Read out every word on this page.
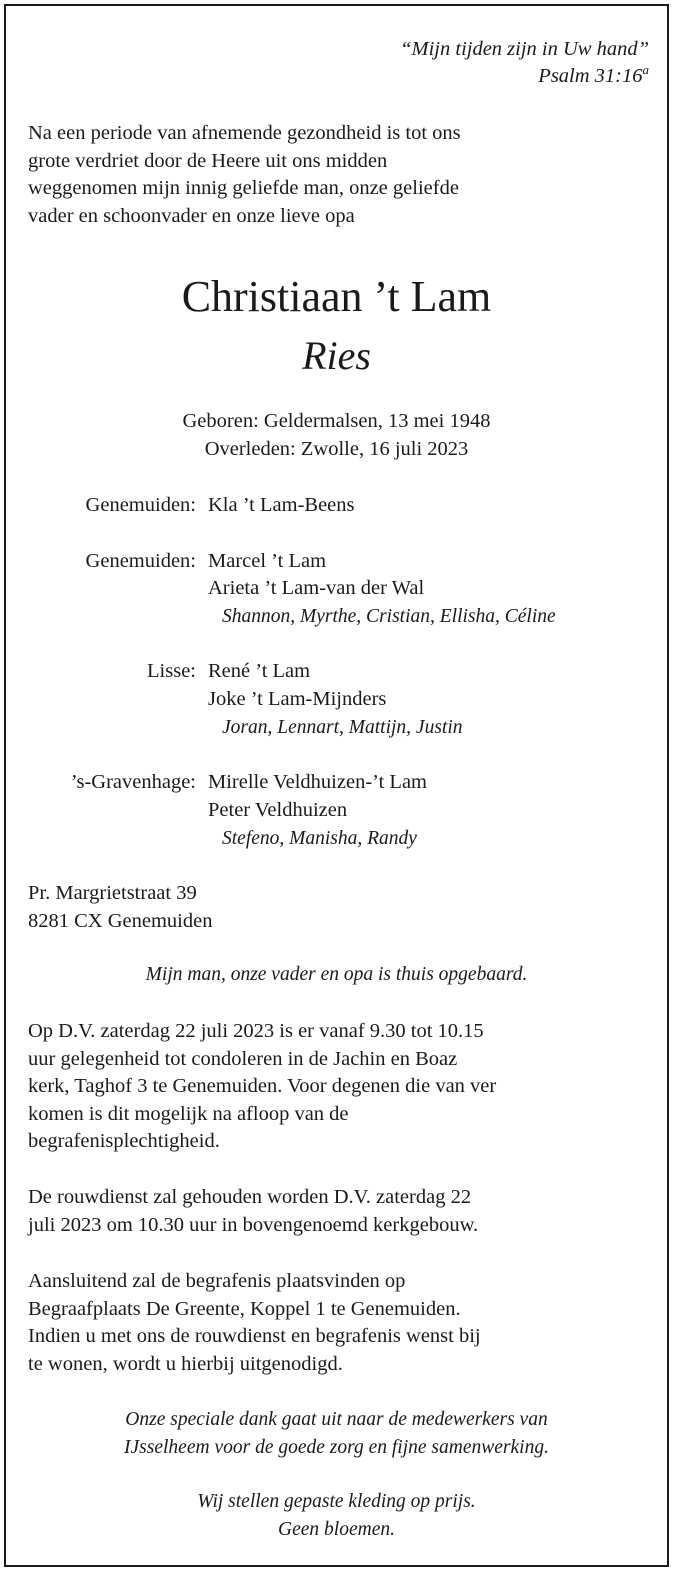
“Mijn tijden zijn in Uw hand”
Psalm 31:16$^a$
Na een periode van afnemende gezondheid is tot ons
grote verdriet door de Heere uit ons midden
weggenomen mijn innig geliefde man, onze geliefde
vader en schoonvader en onze lieve opa
Christiaan ’t Lam
Ries
Geboren: Geldermalsen, 13 mei 1948
Overleden: Zwolle, 16 juli 2023
Genemuiden: Kla ’t Lam-Beens
Genemuiden: Marcel ’t Lam
Arieta ’t Lam-van der Wal
Shannon, Myrthe, Cristian, Ellisha, Céline
Lisse: René ’t Lam
Joke ’t Lam-Mijnders
Joran, Lennart, Mattijn, Justin
’s-Gravenhage: Mirelle Veldhuizen-’t Lam
Peter Veldhuizen
Stefeno, Manisha, Randy
Pr. Margrietstraat 39
8281 CX Genemuiden
Mijn man, onze vader en opa is thuis opgebaard.
Op D.V. zaterdag 22 juli 2023 is er vanaf 9.30 tot 10.15
uur gelegenheid tot condoleren in de Jachin en Boaz
kerk, Taghof 3 te Genemuiden. Voor degenen die van ver
komen is dit mogelijk na afloop van de
begrafenisplechtigheid.
De rouwdienst zal gehouden worden D.V. zaterdag 22
juli 2023 om 10.30 uur in bovengenoemd kerkgebouw.
Aansluitend zal de begrafenis plaatsvinden op
Begraafplaats De Greente, Koppel 1 te Genemuiden.
Indien u met ons de rouwdienst en begrafenis wenst bij
te wonen, wordt u hierbij uitgenodigd.
Onze speciale dank gaat uit naar de medewerkers van
IJsselheem voor de goede zorg en fijne samenwerking.
Wij stellen gepaste kleding op prijs.
Geen bloemen.
